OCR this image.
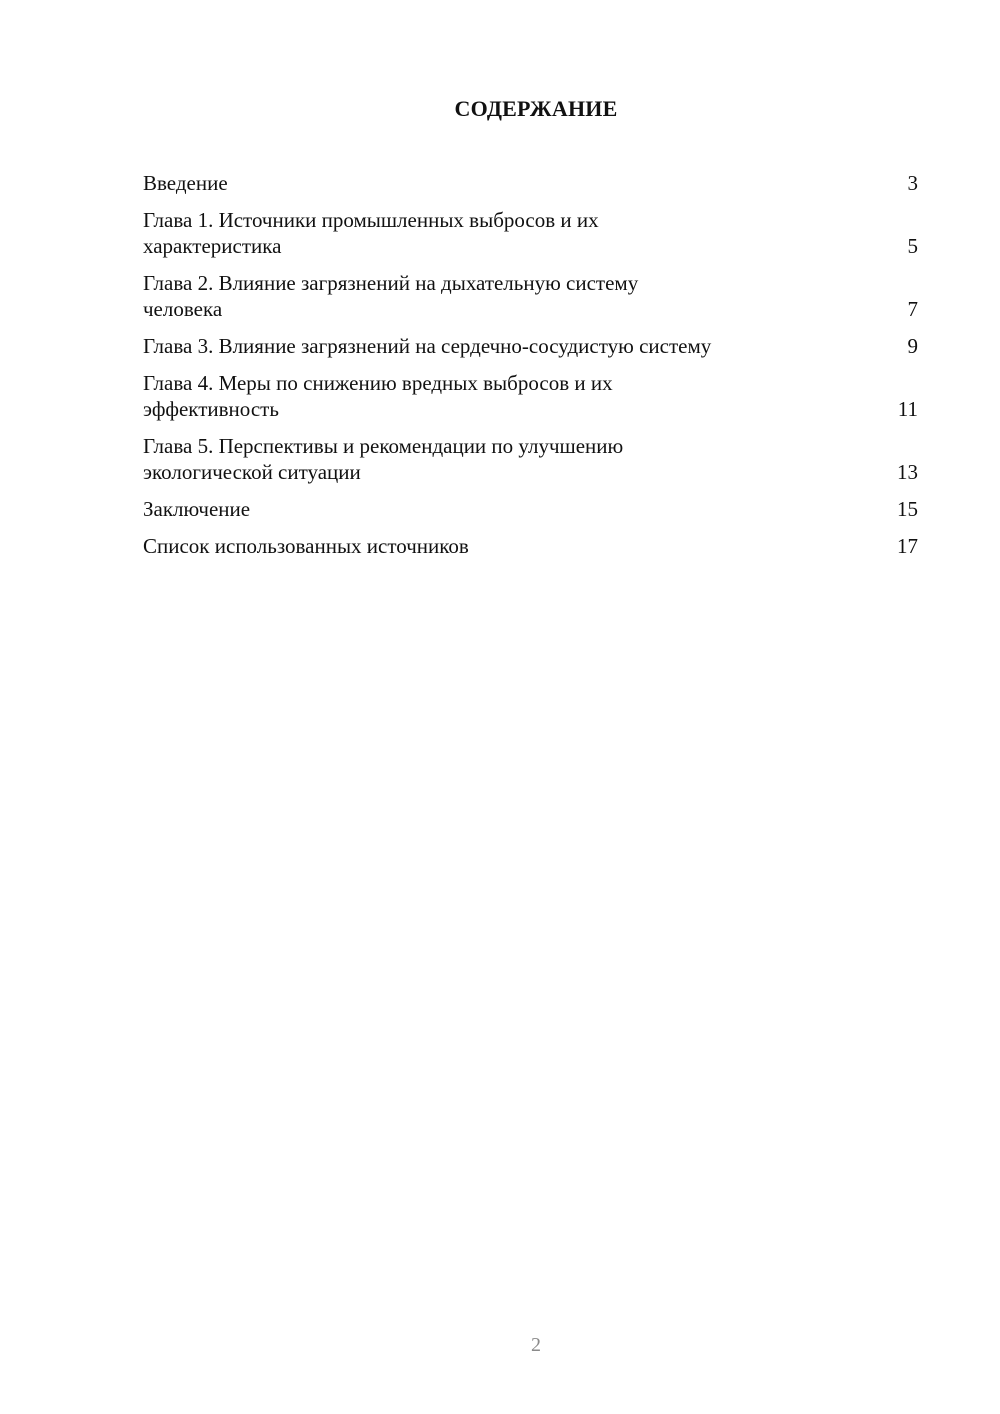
СОДЕРЖАНИЕ
Введение	3
Глава 1. Источники промышленных выбросов и их
характеристика	5
Глава 2. Влияние загрязнений на дыхательную систему
человека	7
Глава 3. Влияние загрязнений на сердечно-сосудистую систему	9
Глава 4. Меры по снижению вредных выбросов и их
эффективность	11
Глава 5. Перспективы и рекомендации по улучшению
экологической ситуации	13
Заключение	15
Список использованных источников	17
2
